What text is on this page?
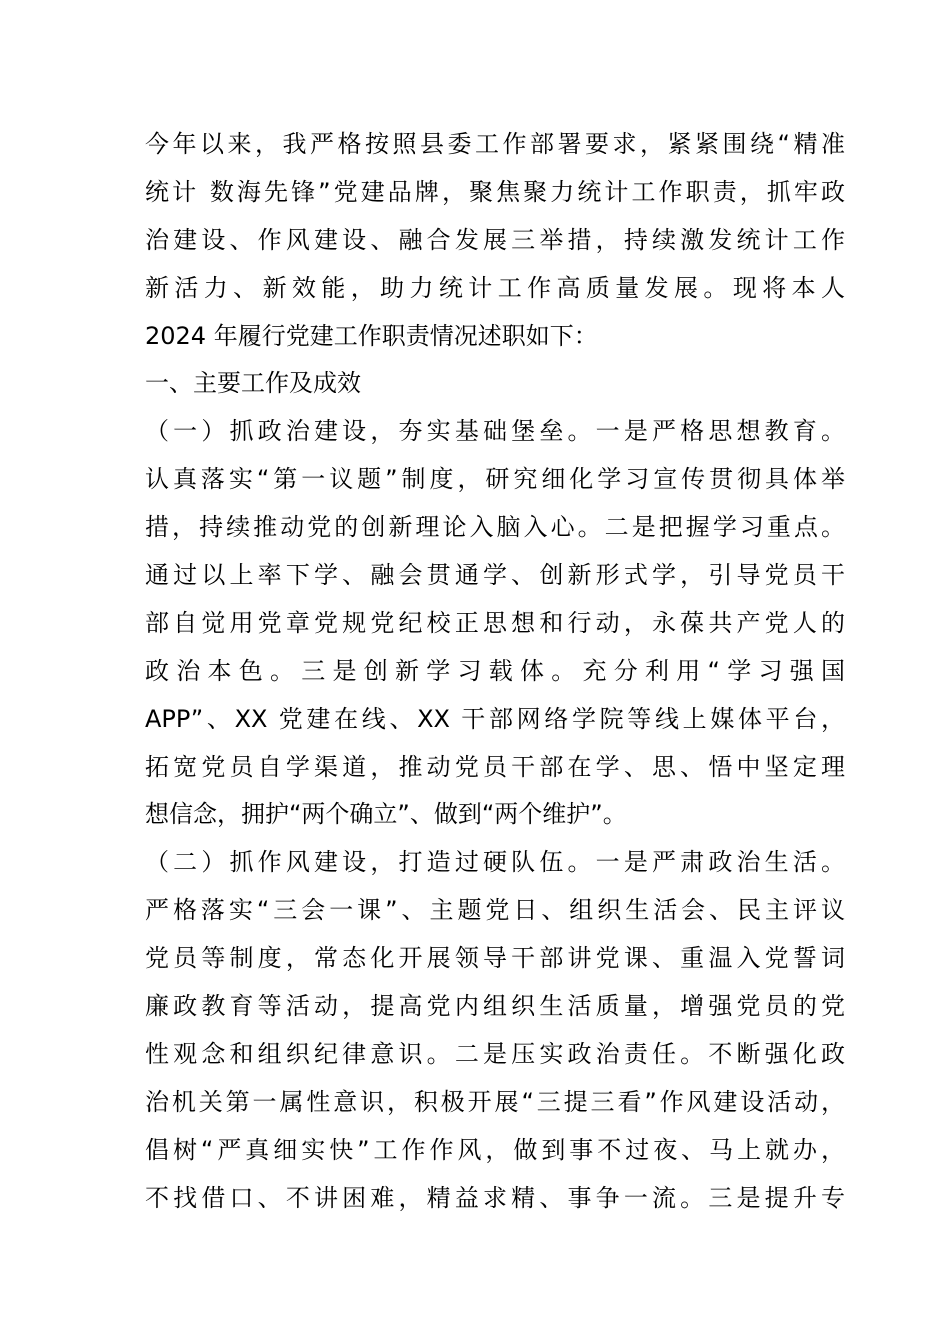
今年以来，我严格按照县委工作部署要求，紧紧围绕“精准
统计 数海先锋”党建品牌，聚焦聚力统计工作职责，抓牢政
治建设、作风建设、融合发展三举措，持续激发统计工作
新活力、新效能，助力统计工作高质量发展。现将本人
2024 年履行党建工作职责情况述职如下：
一、主要工作及成效
（一）抓政治建设，夯实基础堡垒。一是严格思想教育。
认真落实“第一议题”制度，研究细化学习宣传贯彻具体举
措，持续推动党的创新理论入脑入心。二是把握学习重点。
通过以上率下学、融会贯通学、创新形式学，引导党员干
部自觉用党章党规党纪校正思想和行动，永葆共产党人的
政治本色。三是创新学习载体。充分利用“学习强国
APP”、XX 党建在线、XX 干部网络学院等线上媒体平台，
拓宽党员自学渠道，推动党员干部在学、思、悟中坚定理
想信念，拥护“两个确立”、做到“两个维护”。
（二）抓作风建设，打造过硬队伍。一是严肃政治生活。
严格落实“三会一课”、主题党日、组织生活会、民主评议
党员等制度，常态化开展领导干部讲党课、重温入党誓词
廉政教育等活动，提高党内组织生活质量，增强党员的党
性观念和组织纪律意识。二是压实政治责任。不断强化政
治机关第一属性意识，积极开展“三提三看”作风建设活动，
倡树“严真细实快”工作作风，做到事不过夜、马上就办，
不找借口、不讲困难，精益求精、事争一流。三是提升专
